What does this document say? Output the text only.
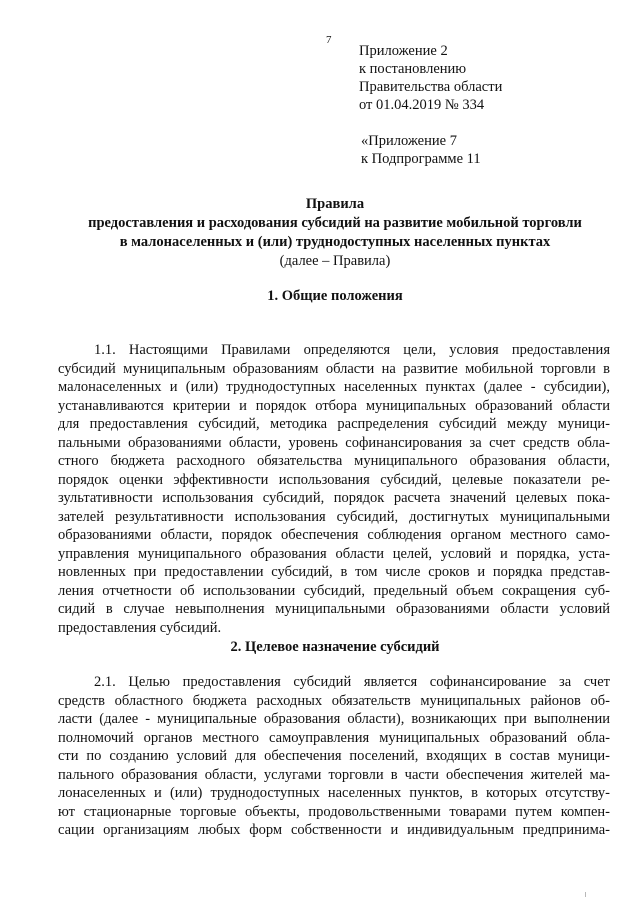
7
Приложение 2
к постановлению
Правительства области
от 01.04.2019 № 334
«Приложение 7
к Подпрограмме 11
Правила
предоставления и расходования субсидий на развитие мобильной торговли
в малонаселенных и (или) труднодоступных населенных пунктах
(далее – Правила)
1. Общие положения
1.1. Настоящими Правилами определяются цели, условия предоставления
субсидий муниципальным образованиям области на развитие мобильной торговли в
малонаселенных и (или) труднодоступных населенных пунктах (далее - субсидии),
устанавливаются критерии и порядок отбора муниципальных образований области
для предоставления субсидий, методика распределения субсидий между муници-
пальными образованиями области, уровень софинансирования за счет средств обла-
стного бюджета расходного обязательства муниципального образования области,
порядок оценки эффективности использования субсидий, целевые показатели ре-
зультативности использования субсидий, порядок расчета значений целевых пока-
зателей результативности использования субсидий, достигнутых муниципальными
образованиями области, порядок обеспечения соблюдения органом местного само-
управления муниципального образования области целей, условий и порядка, уста-
новленных при предоставлении субсидий, в том числе сроков и порядка представ-
ления отчетности об использовании субсидий, предельный объем сокращения суб-
сидий в случае невыполнения муниципальными образованиями области условий
предоставления субсидий.
2. Целевое назначение субсидий
2.1. Целью предоставления субсидий является софинансирование за счет
средств областного бюджета расходных обязательств муниципальных районов об-
ласти (далее - муниципальные образования области), возникающих при выполнении
полномочий органов местного самоуправления муниципальных образований обла-
сти по созданию условий для обеспечения поселений, входящих в состав муници-
пального образования области, услугами торговли в части обеспечения жителей ма-
лонаселенных и (или) труднодоступных населенных пунктов, в которых отсутству-
ют стационарные торговые объекты, продовольственными товарами путем компен-
сации организациям любых форм собственности и индивидуальным предпринима-
